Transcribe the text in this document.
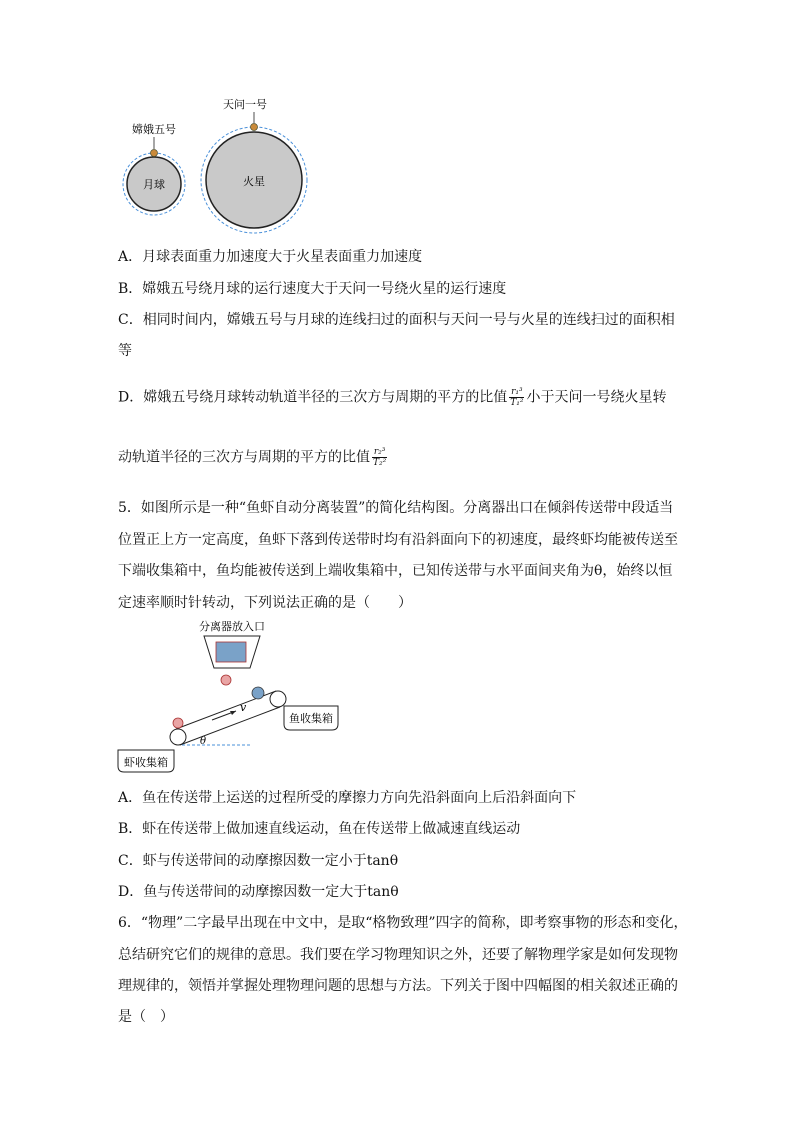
月球
嫦娥五号
火星
天问一号
A．月球表面重力加速度大于火星表面重力加速度
B．嫦娥五号绕月球的运行速度大于天问一号绕火星的运行速度
C．相同时间内，嫦娥五号与月球的连线扫过的面积与天问一号与火星的连线扫过的面积相
等
D．嫦娥五号绕月球转动轨道半径的三次方与周期的平方的比值 $\frac{\text{r₁³}}{\text{T₁²}}$ 小于天问一号绕火星转
动轨道半径的三次方与周期的平方的比值 $\frac{\text{r₂³}}{\text{T₂²}}$
5．如图所示是一种“鱼虾自动分离装置”的简化结构图。分离器出口在倾斜传送带中段适当
位置正上方一定高度，鱼虾下落到传送带时均有沿斜面向下的初速度，最终虾均能被传送至
下端收集箱中，鱼均能被传送到上端收集箱中，已知传送带与水平面间夹角为θ，始终以恒
定速率顺时针转动，下列说法正确的是（　　）
分离器放入口
v
θ
鱼收集箱
虾收集箱
A．鱼在传送带上运送的过程所受的摩擦力方向先沿斜面向上后沿斜面向下
B．虾在传送带上做加速直线运动，鱼在传送带上做减速直线运动
C．虾与传送带间的动摩擦因数一定小于tanθ
D．鱼与传送带间的动摩擦因数一定大于tanθ
6．“物理”二字最早出现在中文中，是取“格物致理”四字的简称，即考察事物的形态和变化，
总结研究它们的规律的意思。我们要在学习物理知识之外，还要了解物理学家是如何发现物
理规律的，领悟并掌握处理物理问题的思想与方法。下列关于图中四幅图的相关叙述正确的
是（　）
